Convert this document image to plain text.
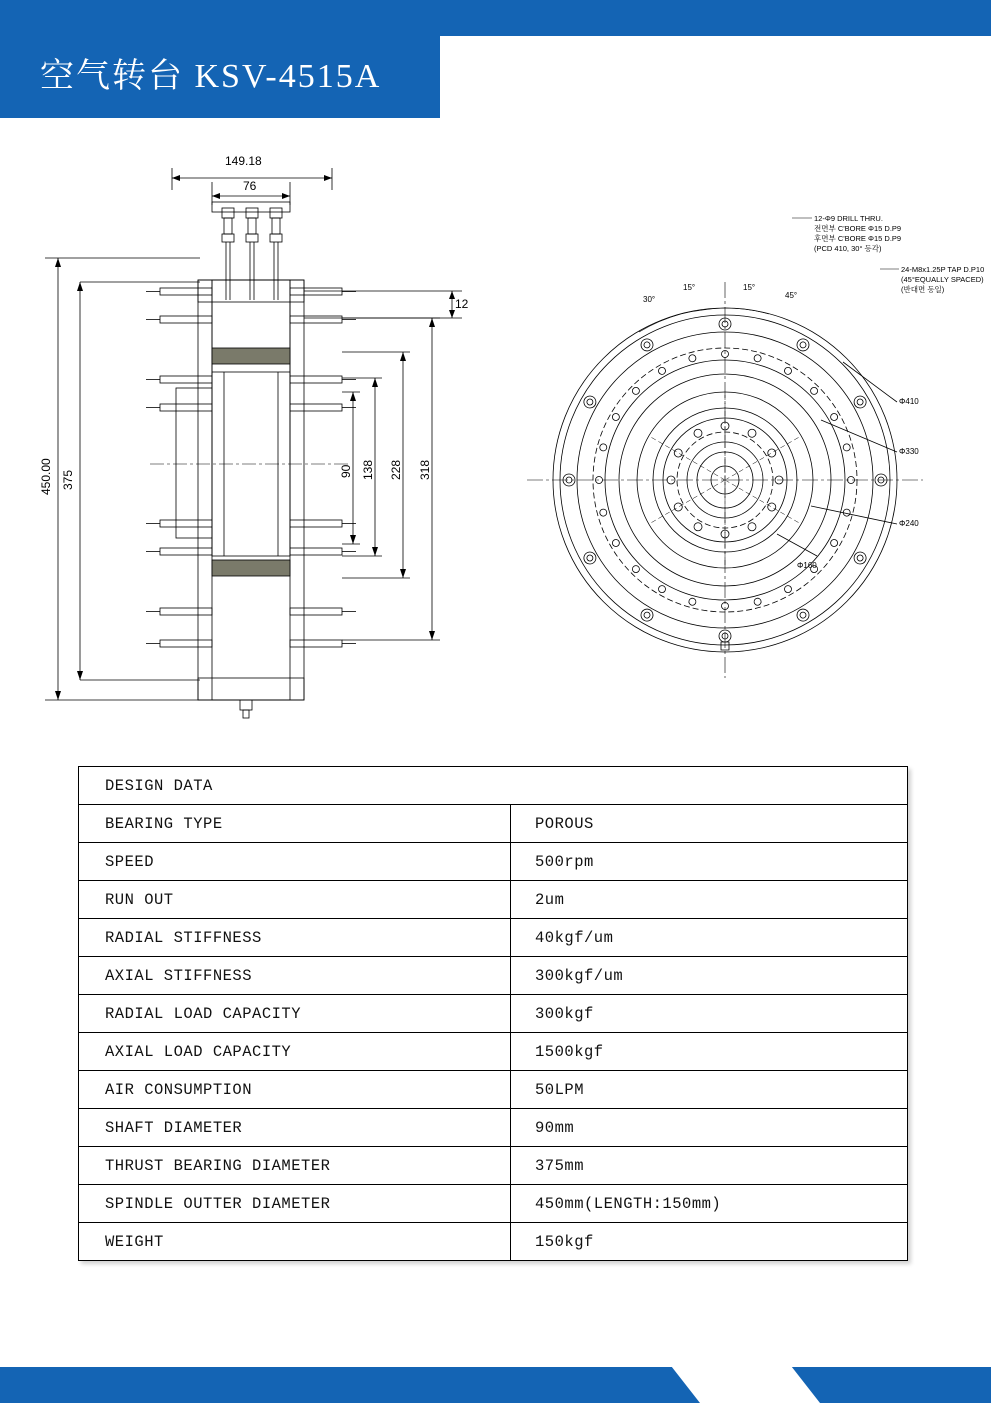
空气转台 KSV-4515A
149.18
76
450.00 375
12
90 138 228 318
30°
15°	15°
45°
Φ410
Φ330
Φ240
Φ160
12-Φ9 DRILL THRU.
전면부 C'BORE Φ15 D.P9
후면부 C'BORE Φ15 D.P9
(PCD 410, 30° 등각)
24-M8x1.25P TAP D.P10
(45°EQUALLY SPACED)
(반대면 동일)
DESIGN DATA	
BEARING TYPE	POROUS
SPEED	500rpm
RUN OUT	2um
RADIAL STIFFNESS	40kgf/um
AXIAL STIFFNESS	300kgf/um
RADIAL LOAD CAPACITY	300kgf
AXIAL LOAD CAPACITY	1500kgf
AIR CONSUMPTION	50LPM
SHAFT DIAMETER	90mm
THRUST BEARING DIAMETER	375mm
SPINDLE OUTTER DIAMETER	450mm(LENGTH:150mm)
WEIGHT	150kgf
